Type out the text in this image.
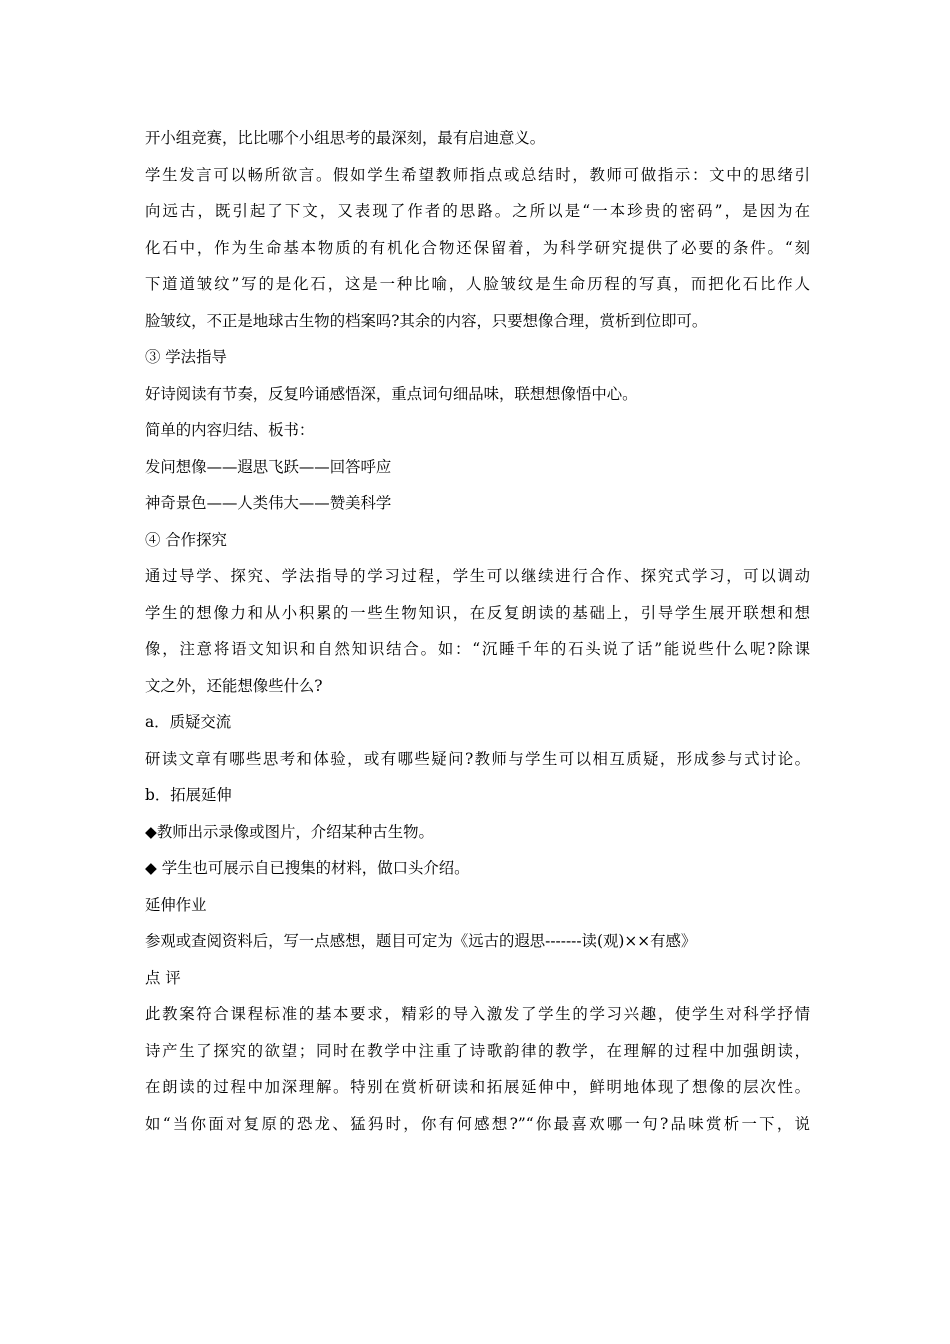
开小组竞赛，比比哪个小组思考的最深刻，最有启迪意义。
学生发言可以畅所欲言。假如学生希望教师指点或总结时，教师可做指示：文中的思绪引
向远古，既引起了下文，又表现了作者的思路。之所以是“一本珍贵的密码”，是因为在
化石中，作为生命基本物质的有机化合物还保留着，为科学研究提供了必要的条件。“刻
下道道皱纹”写的是化石，这是一种比喻，人脸皱纹是生命历程的写真，而把化石比作人
脸皱纹，不正是地球古生物的档案吗?其余的内容，只要想像合理，赏析到位即可。
③ 学法指导
好诗阅读有节奏，反复吟诵感悟深，重点词句细品味，联想想像悟中心。
简单的内容归结、板书：
发问想像——遐思飞跃——回答呼应
神奇景色——人类伟大——赞美科学
④ 合作探究
通过导学、探究、学法指导的学习过程，学生可以继续进行合作、探究式学习，可以调动
学生的想像力和从小积累的一些生物知识，在反复朗读的基础上，引导学生展开联想和想
像，注意将语文知识和自然知识结合。如：“沉睡千年的石头说了话”能说些什么呢?除课
文之外，还能想像些什么?
a．质疑交流
研读文章有哪些思考和体验，或有哪些疑问?教师与学生可以相互质疑，形成参与式讨论。
b．拓展延伸
◆教师出示录像或图片，介绍某种古生物。
◆ 学生也可展示自已搜集的材料，做口头介绍。
延伸作业
参观或查阅资料后，写一点感想，题目可定为《远古的遐思-------读(观)××有感》
点 评
此教案符合课程标准的基本要求，精彩的导入激发了学生的学习兴趣，使学生对科学抒情
诗产生了探究的欲望；同时在教学中注重了诗歌韵律的教学，在理解的过程中加强朗读，
在朗读的过程中加深理解。特别在赏析研读和拓展延伸中，鲜明地体现了想像的层次性。
如“当你面对复原的恐龙、猛犸时，你有何感想?”“你最喜欢哪一句?品味赏析一下，说
